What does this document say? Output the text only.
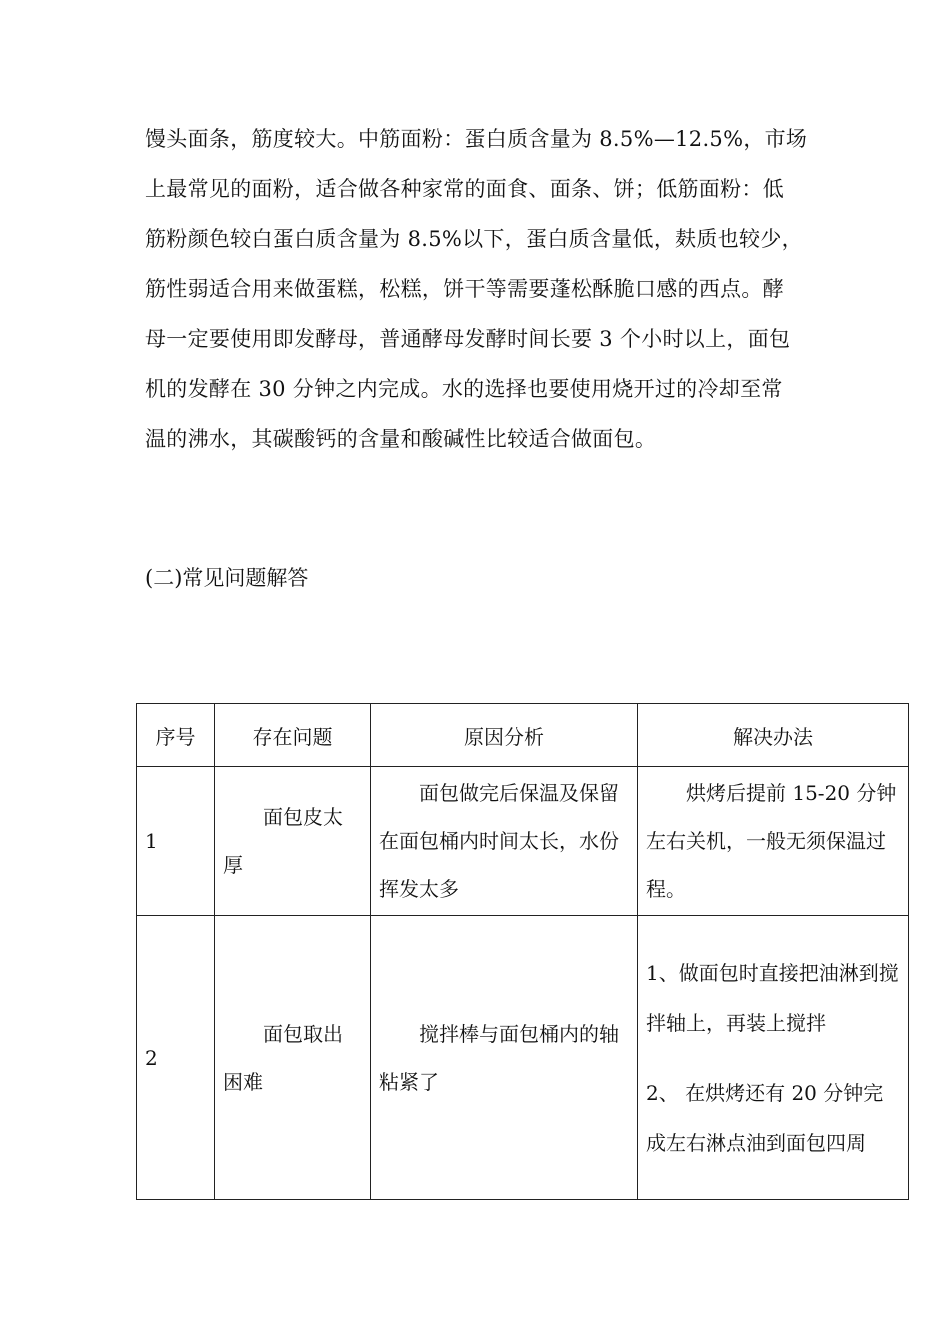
馒头面条，筋度较大。中筋面粉：蛋白质含量为 8.5%—12.5%，市场
上最常见的面粉，适合做各种家常的面食、面条、饼；低筋面粉：低
筋粉颜色较白蛋白质含量为 8.5%以下，蛋白质含量低，麸质也较少，
筋性弱适合用来做蛋糕，松糕，饼干等需要蓬松酥脆口感的西点。酵
母一定要使用即发酵母，普通酵母发酵时间长要 3 个小时以上，面包
机的发酵在 30 分钟之内完成。水的选择也要使用烧开过的冷却至常
温的沸水，其碳酸钙的含量和酸碱性比较适合做面包。
(二)常见问题解答
序号	存在问题	原因分析	解决办法
1	面包皮太厚	面包做完后保温及保留在面包桶内时间太长，水份挥发太多	烘烤后提前 15-20 分钟左右关机，一般无须保温过程。

2	面包取出困难	搅拌棒与面包桶内的轴粘紧了	1、做面包时直接把油淋到搅拌轴上，再装上搅拌
2、 在烘烤还有 20 分钟完成左右淋点油到面包四周
